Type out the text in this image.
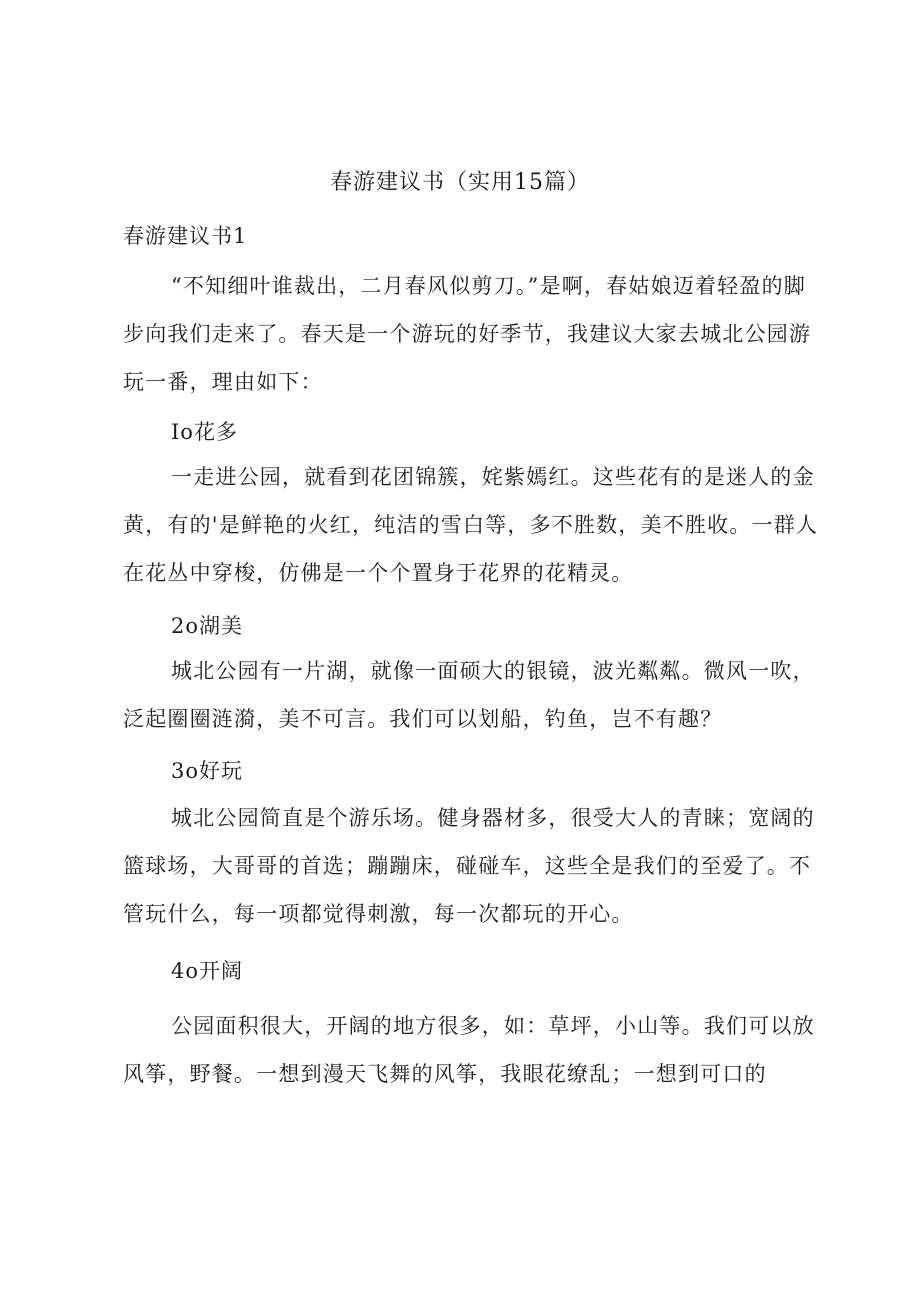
春游建议书（实用15篇）
春游建议书1

“不知细叶谁裁出，二月春风似剪刀。”是啊，春姑娘迈着轻盈的脚步向我们走来了。春天是一个游玩的好季节，我建议大家去城北公园游玩一番，理由如下：

Io花多

一走进公园，就看到花团锦簇，姹紫嫣红。这些花有的是迷人的金黄，有的'是鲜艳的火红，纯洁的雪白等，多不胜数，美不胜收。一群人在花丛中穿梭，仿佛是一个个置身于花界的花精灵。

2o湖美

城北公园有一片湖，就像一面硕大的银镜，波光粼粼。微风一吹，泛起圈圈涟漪，美不可言。我们可以划船，钓鱼，岂不有趣？

3o好玩

城北公园简直是个游乐场。健身器材多，很受大人的青睐；宽阔的篮球场，大哥哥的首选；蹦蹦床，碰碰车，这些全是我们的至爱了。不管玩什么，每一项都觉得刺激，每一次都玩的开心。

4o开阔

公园面积很大，开阔的地方很多，如：草坪，小山等。我们可以放风筝，野餐。一想到漫天飞舞的风筝，我眼花缭乱；一想到可口的
